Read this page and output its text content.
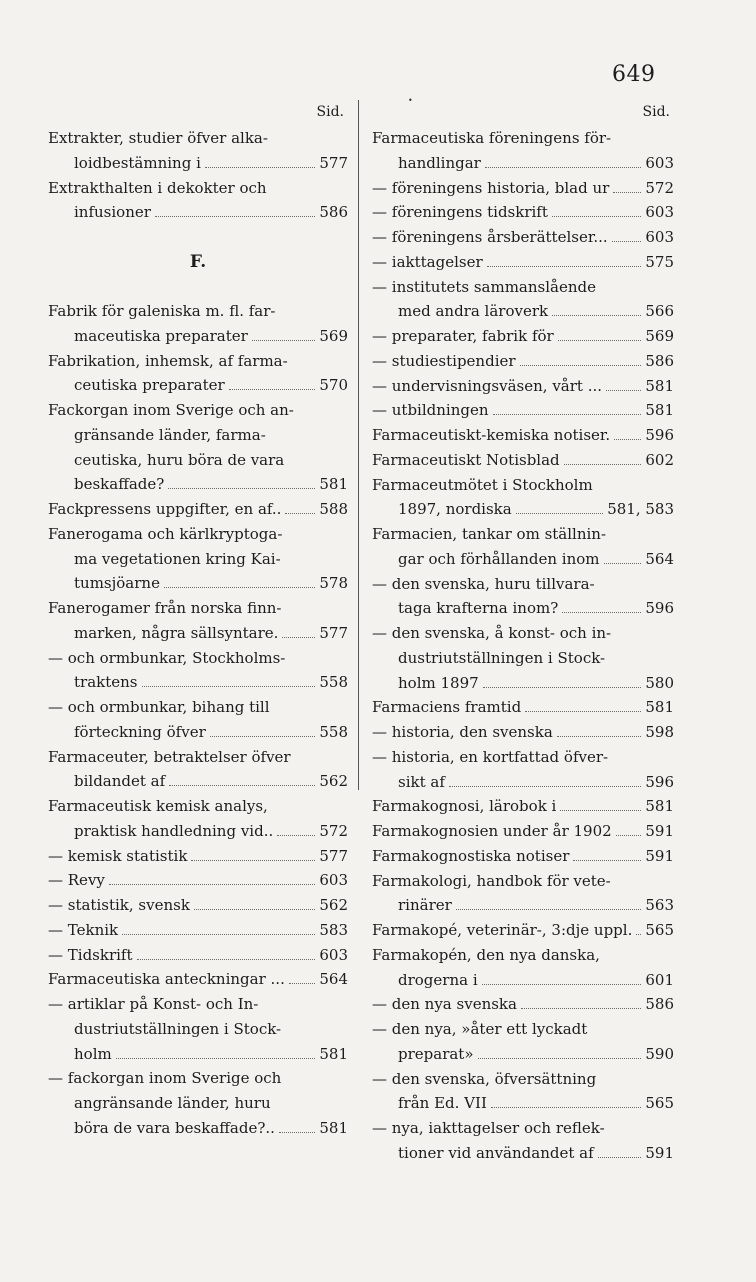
649
•
Sid.
Extrakter, studier öfver alka-
loidbestämning i	577
Extrakthalten i dekokter och
infusioner	586
F.
Fabrik för galeniska m. fl. far-
maceutiska preparater	569
Fabrikation, inhemsk, af farma-
ceutiska preparater	570
Fackorgan inom Sverige och an-
gränsande länder, farma-
ceutiska, huru böra de vara
beskaffade?	581
Fackpressens uppgifter, en af..	588
Fanerogama och kärlkryptoga-
ma vegetationen kring Kai-
tumsjöarne	578
Fanerogamer från norska finn-
marken, några sällsyntare.	577
— och ormbunkar, Stockholms-
traktens	558
— och ormbunkar, bihang till
förteckning öfver	558
Farmaceuter, betraktelser öfver
bildandet af	562
Farmaceutisk kemisk analys,
praktisk handledning vid..	572
— kemisk statistik	577
— Revy	603
— statistik, svensk	562
— Teknik	583
— Tidskrift	603
Farmaceutiska anteckningar ... 564
— artiklar på Konst- och In-
dustriutställningen i Stock-
holm	581
— fackorgan inom Sverige och
angränsande länder, huru
böra de vara beskaffade?..	581
Sid.
Farmaceutiska föreningens för-
handlingar	603
— föreningens historia, blad ur 572
— föreningens tidskrift	603
— föreningens årsberättelser...	603
— iakttagelser	575
— institutets sammanslående
med andra läroverk	566
— preparater, fabrik för	569
— studiestipendier	586
— undervisningsväsen, vårt ...	581
— utbildningen	581
Farmaceutiskt-kemiska notiser. 596
Farmaceutiskt Notisblad	602
Farmaceutmötet i Stockholm
1897, nordiska	581, 583
Farmacien, tankar om ställnin-
gar och förhållanden inom	564
— den svenska, huru tillvara-
taga krafterna inom?	596
— den svenska, å konst- och in-
dustriutställningen i Stock-
holm 1897	580
Farmaciens framtid	581
— historia, den svenska	598
— historia, en kortfattad öfver-
sikt af	596
Farmakognosi, lärobok i	581
Farmakognosien under år 1902 591
Farmakognostiska notiser	591
Farmakologi, handbok för vete-
rinärer	563
Farmakopé, veterinär-, 3:dje uppl. 565
Farmakopén, den nya danska,
drogerna i	601
— den nya svenska	586
— den nya, »åter ett lyckadt
preparat»	590
— den svenska, öfversättning
från Ed. VII	565
— nya, iakttagelser och reflek-
tioner vid användandet af	591
